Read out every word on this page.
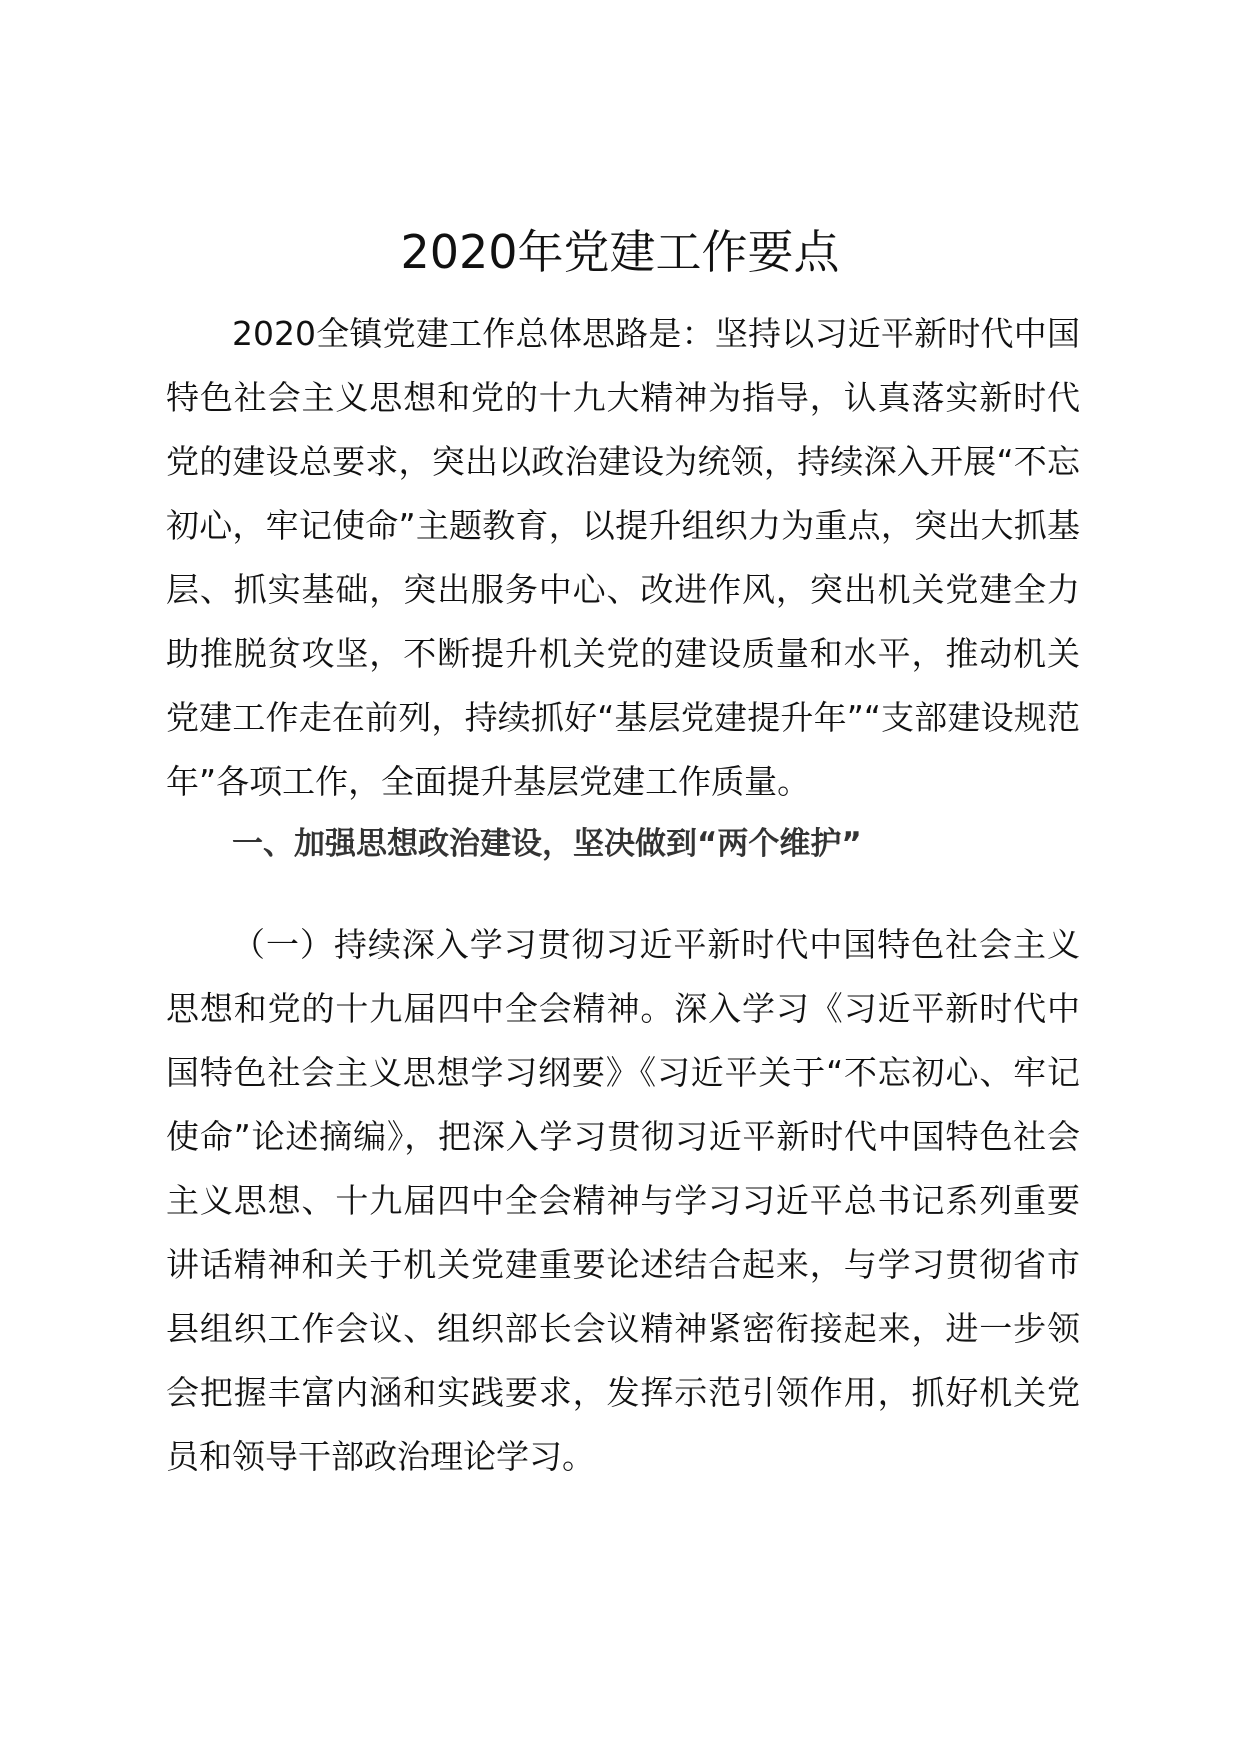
2020年党建工作要点

2020全镇党建工作总体思路是：坚持以习近平新时代中国特色社会主义思想和党的十九大精神为指导，认真落实新时代党的建设总要求，突出以政治建设为统领，持续深入开展“不忘初心，牢记使命”主题教育，以提升组织力为重点，突出大抓基层、抓实基础，突出服务中心、改进作风，突出机关党建全力助推脱贫攻坚，不断提升机关党的建设质量和水平，推动机关党建工作走在前列，持续抓好“基层党建提升年”“支部建设规范年”各项工作，全面提升基层党建工作质量。

一、加强思想政治建设，坚决做到“两个维护”

（一）持续深入学习贯彻习近平新时代中国特色社会主义思想和党的十九届四中全会精神。深入学习《习近平新时代中国特色社会主义思想学习纲要》《习近平关于“不忘初心、牢记使命”论述摘编》，把深入学习贯彻习近平新时代中国特色社会主义思想、十九届四中全会精神与学习习近平总书记系列重要讲话精神和关于机关党建重要论述结合起来，与学习贯彻省市县组织工作会议、组织部长会议精神紧密衔接起来，进一步领会把握丰富内涵和实践要求，发挥示范引领作用，抓好机关党员和领导干部政治理论学习。
